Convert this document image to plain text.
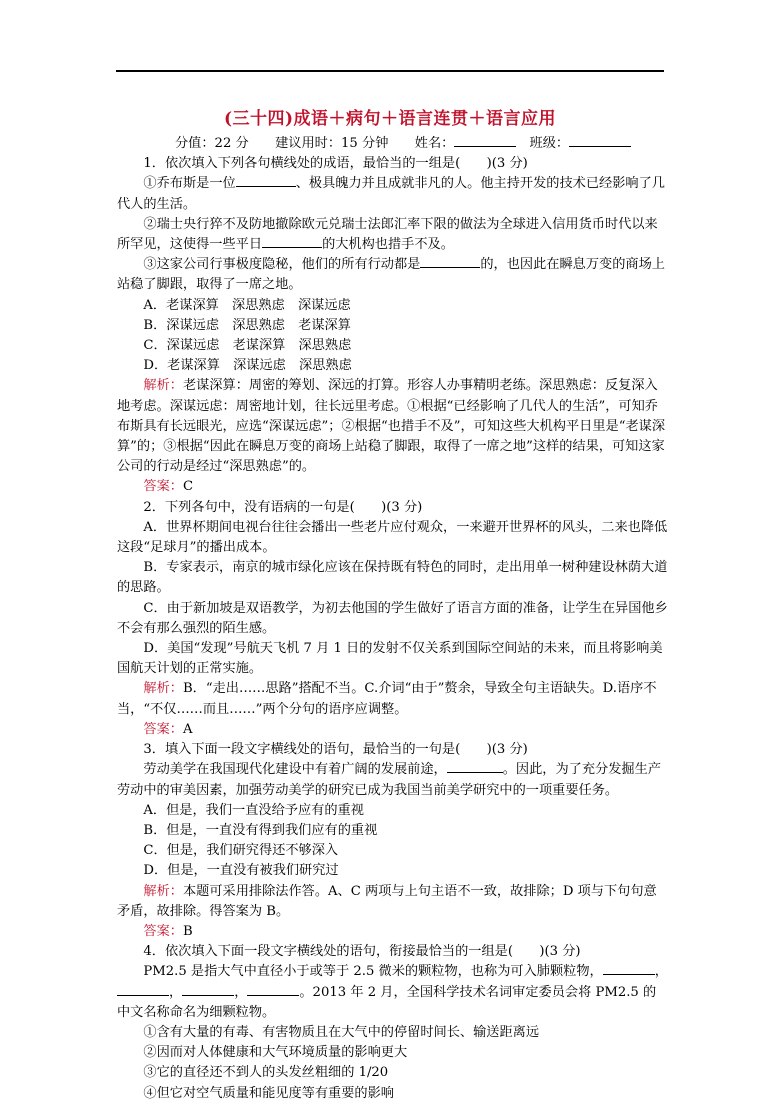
(三十四)成语＋病句＋语言连贯＋语言应用

分值：22 分　　 建议用时：15 分钟　　 姓名：　	班级：

1．依次填入下列各句横线处的成语，最恰当的一组是(　　)(3 分)

①乔布斯是一位	、极具魄力并且成就非凡的人。他主持开发的技术已经影响了几代人的生活。

②瑞士央行猝不及防地撤除欧元兑瑞士法郎汇率下限的做法为全球进入信用货币时代以来所罕见，这使得一些平日	的大机构也措手不及。

③这家公司行事极度隐秘，他们的所有行动都是	的，也因此在瞬息万变的商场上站稳了脚跟，取得了一席之地。

A．老谋深算　深思熟虑　深谋远虑

B．深谋远虑　深思熟虑　老谋深算

C．深谋远虑　老谋深算　深思熟虑

D．老谋深算　深谋远虑　深思熟虑

解析：老谋深算：周密的筹划、深远的打算。形容人办事精明老练。深思熟虑：反复深入地考虑。深谋远虑：周密地计划，往长远里考虑。①根据“已经影响了几代人的生活”，可知乔布斯具有长远眼光，应选“深谋远虑”；②根据“也措手不及”，可知这些大机构平日里是“老谋深算”的；③根据“因此在瞬息万变的商场上站稳了脚跟，取得了一席之地”这样的结果，可知这家公司的行动是经过“深思熟虑”的。

答案：C

2．下列各句中，没有语病的一句是(　　)(3 分)

A．世界杯期间电视台往往会播出一些老片应付观众，一来避开世界杯的风头，二来也降低这段“足球月”的播出成本。

B．专家表示，南京的城市绿化应该在保持既有特色的同时，走出用单一树种建设林荫大道的思路。

C．由于新加坡是双语教学，为初去他国的学生做好了语言方面的准备，让学生在异国他乡不会有那么强烈的陌生感。

D．美国“发现”号航天飞机 7 月 1 日的发射不仅关系到国际空间站的未来，而且将影响美国航天计划的正常实施。

解析：B．“走出……思路”搭配不当。C.介词“由于”赘余，导致全句主语缺失。D.语序不当，“不仅……而且……”两个分句的语序应调整。

答案：A

3．填入下面一段文字横线处的语句，最恰当的一句是(　　)(3 分)

劳动美学在我国现代化建设中有着广阔的发展前途，	。因此，为了充分发掘生产劳动中的审美因素，加强劳动美学的研究已成为我国当前美学研究中的一项重要任务。

A．但是，我们一直没给予应有的重视

B．但是，一直没有得到我们应有的重视

C．但是，我们研究得还不够深入

D．但是，一直没有被我们研究过

解析：本题可采用排除法作答。A、C 两项与上句主语不一致，故排除；D 项与下句句意矛盾，故排除。得答案为 B。

答案：B

4．依次填入下面一段文字横线处的语句，衔接最恰当的一组是(　　)(3 分)

PM2.5 是指大气中直径小于或等于 2.5 微米的颗粒物，也称为可入肺颗粒物，	，，	，	。2013 年 2 月，全国科学技术名词审定委员会将 PM2.5 的中文名称命名为细颗粒物。

①含有大量的有毒、有害物质且在大气中的停留时间长、输送距离远

②因而对人体健康和大气环境质量的影响更大

③它的直径还不到人的头发丝粗细的 1/20

④但它对空气质量和能见度等有重要的影响
